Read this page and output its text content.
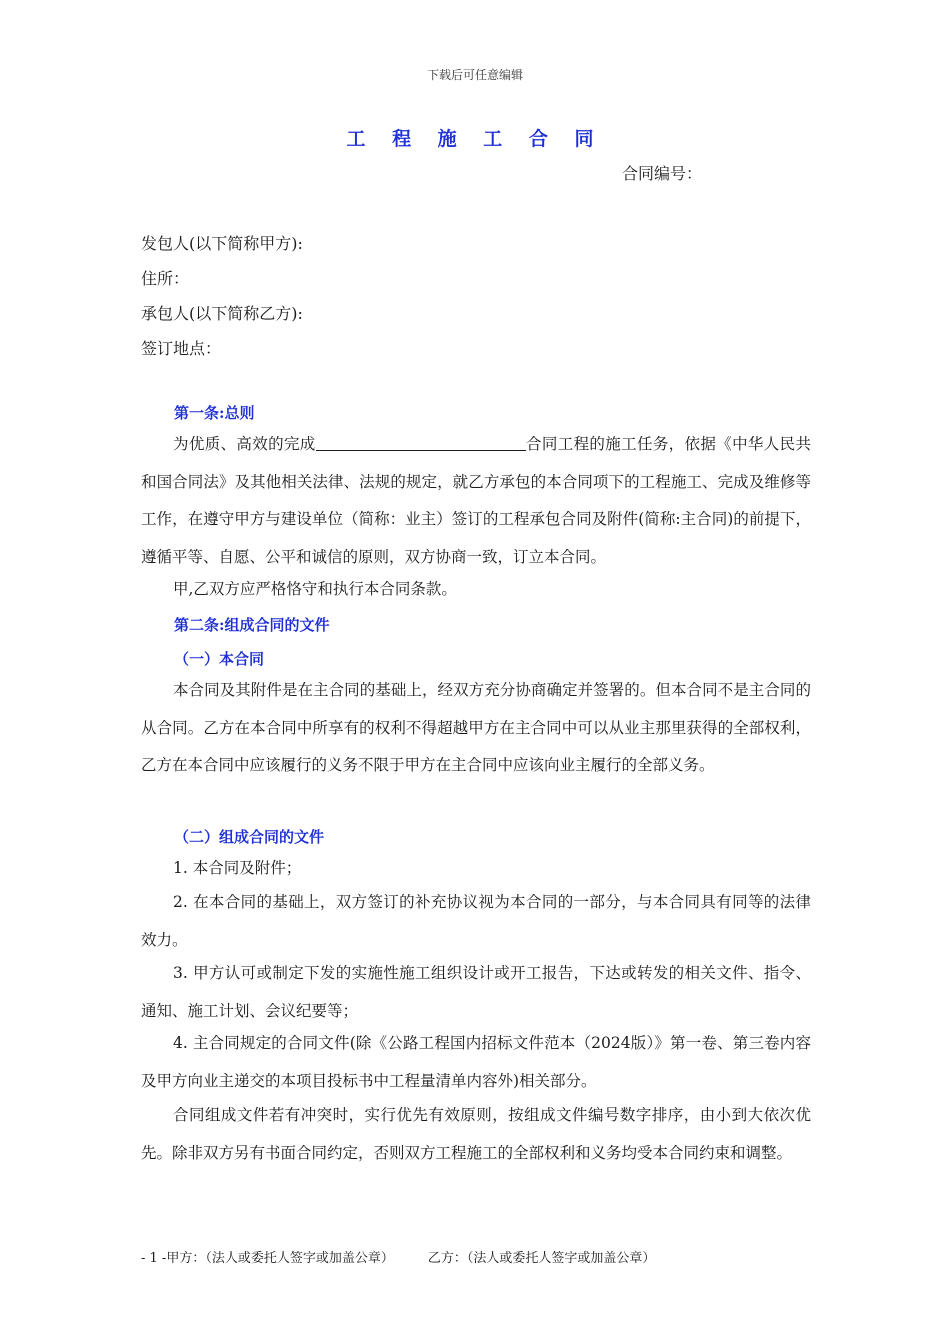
下载后可任意编辑
工 程 施 工 合 同
合同编号：
发包人(以下简称甲方):
住所：
承包人(以下简称乙方):
签订地点：
第一条:总则
为优质、高效的完成	合同工程的施工任务，依据《中华人民共和国合同法》及其他相关法律、法规的规定，就乙方承包的本合同项下的工程施工、完成及维修等工作，在遵守甲方与建设单位（简称：业主）签订的工程承包合同及附件(简称:主合同)的前提下，遵循平等、自愿、公平和诚信的原则，双方协商一致，订立本合同。
甲,乙双方应严格恪守和执行本合同条款。
第二条:组成合同的文件
（一）本合同
本合同及其附件是在主合同的基础上，经双方充分协商确定并签署的。但本合同不是主合同的从合同。乙方在本合同中所享有的权利不得超越甲方在主合同中可以从业主那里获得的全部权利，乙方在本合同中应该履行的义务不限于甲方在主合同中应该向业主履行的全部义务。
（二）组成合同的文件
1. 本合同及附件；
2. 在本合同的基础上，双方签订的补充协议视为本合同的一部分，与本合同具有同等的法律效力。
3. 甲方认可或制定下发的实施性施工组织设计或开工报告，下达或转发的相关文件、指令、通知、施工计划、会议纪要等；
4. 主合同规定的合同文件(除《公路工程国内招标文件范本（2024版）》第一卷、第三卷内容及甲方向业主递交的本项目投标书中工程量清单内容外)相关部分。
合同组成文件若有冲突时，实行优先有效原则，按组成文件编号数字排序，由小到大依次优先。除非双方另有书面合同约定，否则双方工程施工的全部权利和义务均受本合同约束和调整。
- 1 -甲方：（法人或委托人签字或加盖公章）	乙方：（法人或委托人签字或加盖公章）
